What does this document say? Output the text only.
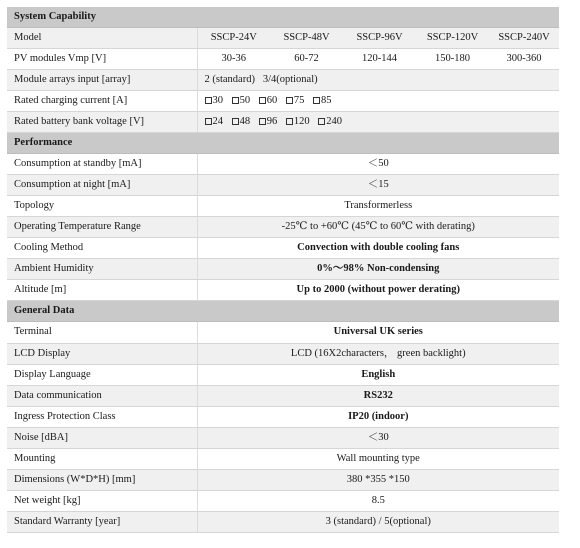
System Capability					
Model	SSCP-24V	SSCP-48V	SSCP-96V	SSCP-120V	SSCP-240V
PV modules Vmp [V]	30-36	60-72	120-144	150-180	300-360
Module arrays input [array]	2 (standard)   3/4(optional)				
Rated charging current [A]	30 50 60 75 85				
Rated battery bank voltage [V]	24 48 96 120 240				
Performance					
Consumption at standby [mA]	＜50				
Consumption at night [mA]	＜15				
Topology	Transformerless				
Operating Temperature Range	-25℃ to +60℃ (45℃ to 60℃ with derating)				
Cooling Method	Convection with double cooling fans				
Ambient Humidity	0%～98% Non-condensing				
Altitude [m]	Up to 2000 (without power derating)				
General Data					
Terminal	Universal UK series				
LCD Display	LCD (16X2characters， green backlight)				
Display Language	English				
Data communication	RS232				
Ingress Protection Class	IP20 (indoor)				
Noise [dBA]	＜30				
Mounting	Wall mounting type				
Dimensions (W*D*H) [mm]	380 *355 *150				
Net weight [kg]	8.5				
Standard Warranty [year]	3 (standard) / 5(optional)				
